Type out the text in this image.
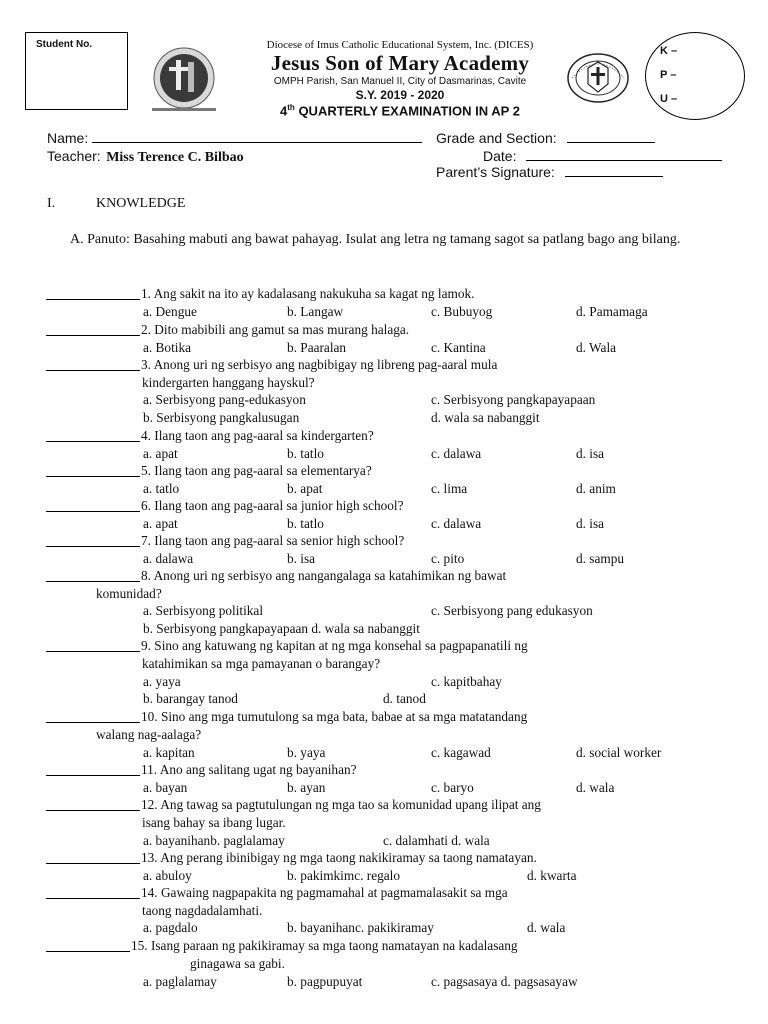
Student No.	Diocese of Imus Catholic Educational System, Inc. (DICES)
Jesus Son of Mary Academy
OMPH Parish, San Manuel II, City of Dasmarinas, Cavite
S.Y. 2019 - 2020
4th QUARTERLY EXAMINATION IN AP 2
K –
P –
U –
Name:	Grade and Section:
Teacher: Miss Terence C. Bilbao	Date:
Parent’s Signature:
I.	KNOWLEDGE
A. Panuto: Basahing mabuti ang bawat pahayag. Isulat ang letra ng tamang sagot sa patlang bago ang bilang.
1. Ang sakit na ito ay kadalasang nakukuha sa kagat ng lamok.
2. Dito mabibili ang gamut sa mas murang halaga.
3. Anong uri ng serbisyo ang nagbibigay ng libreng pag-aaral mula
kindergarten hanggang hayskul?
4. Ilang taon ang pag-aaral sa kindergarten?
5. Ilang taon ang pag-aaral sa elementarya?
6. Ilang taon ang pag-aaral sa junior high school?
7. Ilang taon ang pag-aaral sa senior high school?
8. Anong uri ng serbisyo ang nangangalaga sa katahimikan ng bawat
komunidad?
9. Sino ang katuwang ng kapitan at ng mga konsehal sa pagpapanatili ng
katahimikan sa mga pamayanan o barangay?
10. Sino ang mga tumutulong sa mga bata, babae at sa mga matatandang
walang nag-aalaga?
11. Ano ang salitang ugat ng bayanihan?
12. Ang tawag sa pagtutulungan ng mga tao sa komunidad upang ilipat ang
isang bahay sa ibang lugar.
13. Ang perang ibinibigay ng mga taong nakikiramay sa taong namatayan.
14. Gawaing nagpapakita ng pagmamahal at pagmamalasakit sa mga
taong nagdadalamhati.
15. Isang paraan ng pakikiramay sa mga taong namatayan na kadalasang
ginagawa sa gabi.
a. Dengue	b. Langaw	c. Bubuyog	d. Pamamaga
a. Botika	b. Paaralan	c. Kantina	d. Wala
a. Serbisyong pang-edukasyon	c. Serbisyong pangkapayapaan
b. Serbisyong pangkalusugan	d. wala sa nabanggit
a. apat	b. tatlo	c. dalawa	d. isa
a. tatlo	b. apat	c. lima	d. anim
a. apat	b. tatlo	c. dalawa	d. isa
a. dalawa	b. isa	c. pito	d. sampu
a. Serbisyong politikal	c. Serbisyong pang edukasyon
b. Serbisyong pangkapayapaan d. wala sa nabanggit
a. yaya	c. kapitbahay
b. barangay tanod	d. tanod
a. kapitan	b. yaya	c. kagawad	d. social worker
a. bayan	b. ayan	c. baryo	d. wala
a. bayanihanb. paglalamay	c. dalamhati d. wala
a. abuloy	b. pakimkimc. regalo	d. kwarta
a. pagdalo	b. bayanihanc. pakikiramay	d. wala
a. paglalamay	b. pagpupuyat	c. pagsasaya d. pagsasayaw
